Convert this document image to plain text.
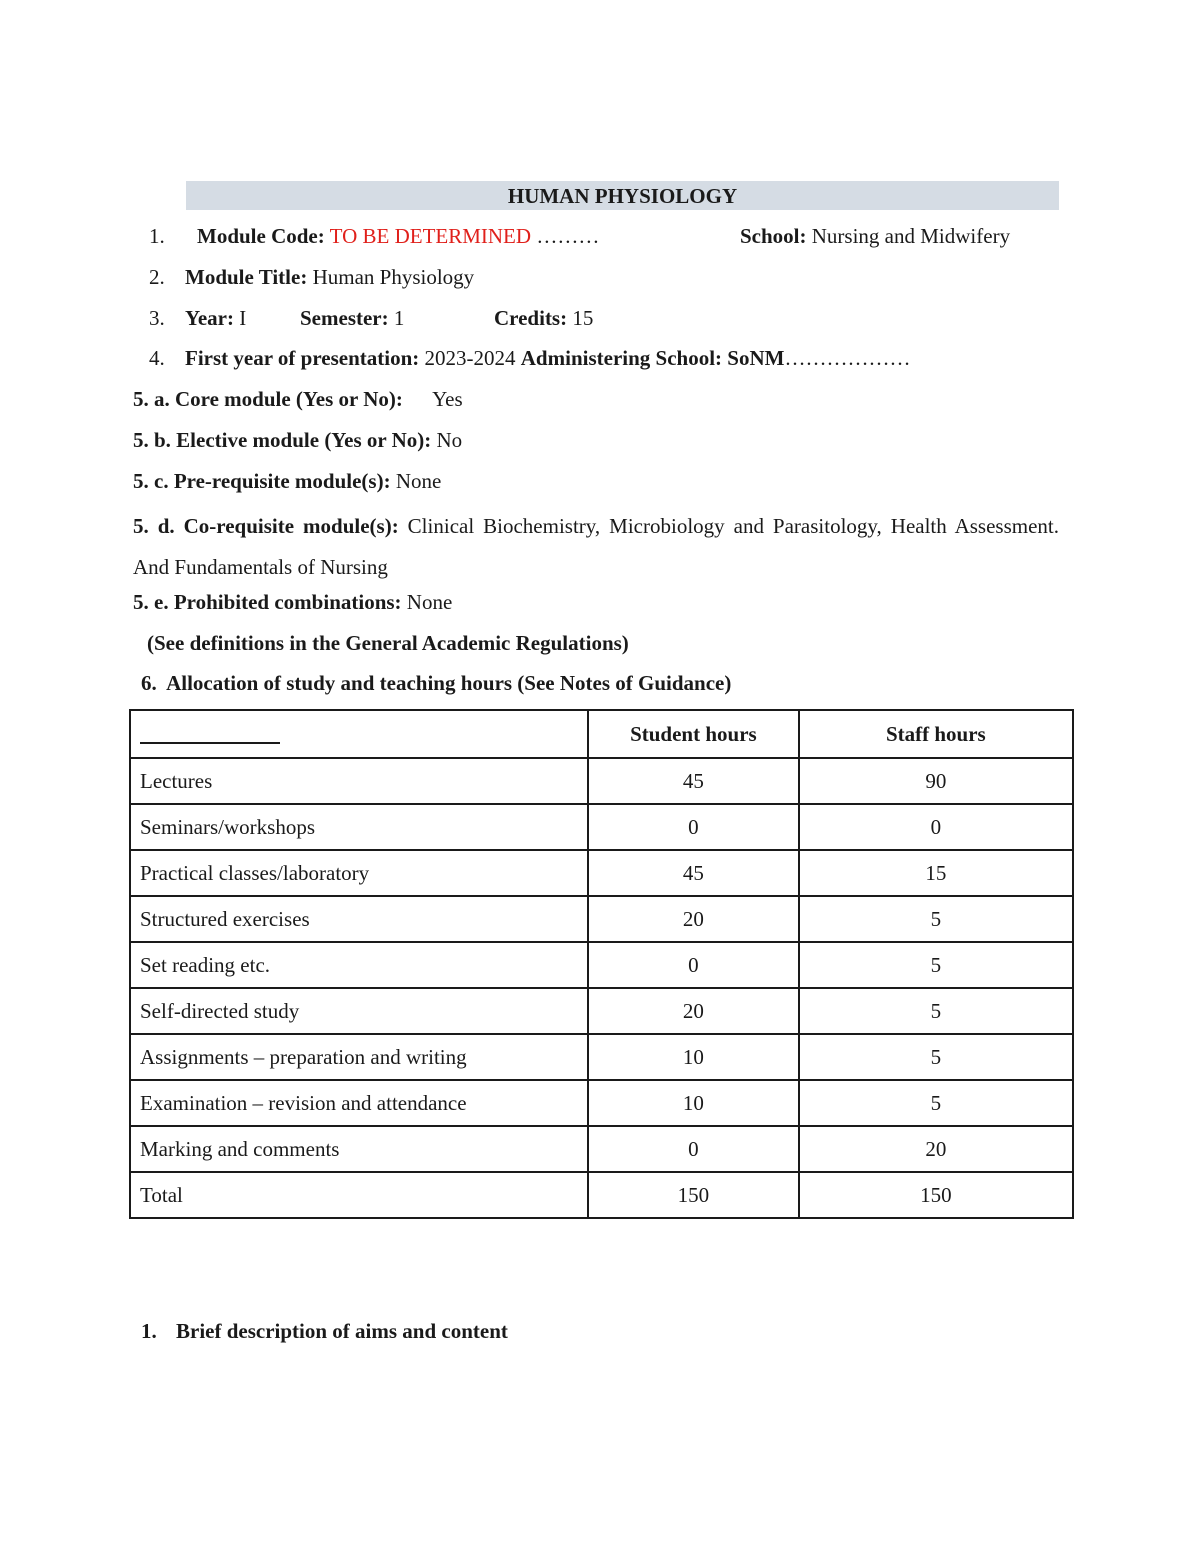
HUMAN PHYSIOLOGY
1. Module Code: TO BE DETERMINED ………	School: Nursing and Midwifery
2. Module Title: Human Physiology
3. Year: I	Semester: 1	Credits: 15
4. First year of presentation: 2023-2024 Administering School: SoNM………………
5. a. Core module (Yes or No): Yes
5. b. Elective module (Yes or No): No
5. c. Pre-requisite module(s): None
5. d. Co-requisite module(s): Clinical Biochemistry, Microbiology and Parasitology, Health Assessment. And Fundamentals of Nursing
5. e. Prohibited combinations: None
(See definitions in the General Academic Regulations)
6.  Allocation of study and teaching hours (See Notes of Guidance)
	Student hours	Staff hours
Lectures	45	90
Seminars/workshops	0	0
Practical classes/laboratory	45	15
Structured exercises	20	5
Set reading etc.	0	5
Self-directed study	20	5
Assignments – preparation and writing	10	5
Examination – revision and attendance	10	5
Marking and comments	0	20
Total	150	150
1. Brief description of aims and content
